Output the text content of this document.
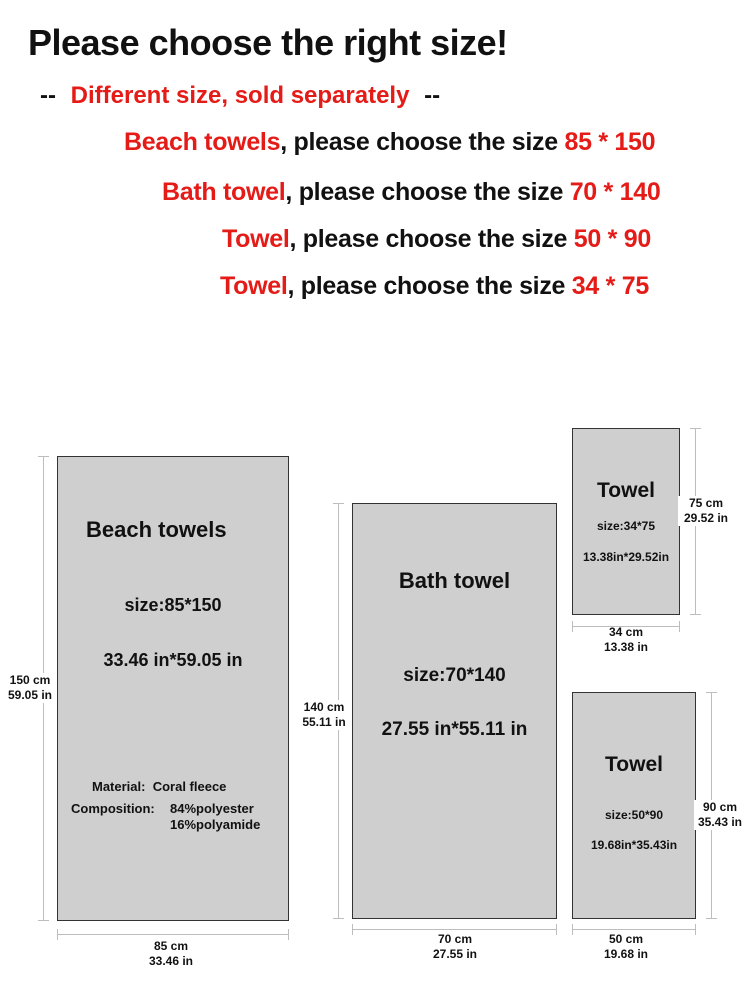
Please choose the right size!
-- Different size, sold separately --
Beach towels, please choose the size 85 * 150
Bath towel, please choose the size 70 * 140
Towel, please choose the size 50 * 90
Towel, please choose the size 34 * 75
Beach towels
size:85*150
33.46 in*59.05 in
Material: Coral fleece
Composition: 84%polyester
16%polyamide
150 cm
59.05 in
85 cm
33.46 in
Bath towel
size:70*140
27.55 in*55.11 in
140 cm
55.11 in
70 cm
27.55 in
Towel
size:34*75
13.38in*29.52in
75 cm
29.52 in
34 cm
13.38 in
Towel
size:50*90
19.68in*35.43in
90 cm
35.43 in
50 cm
19.68 in
